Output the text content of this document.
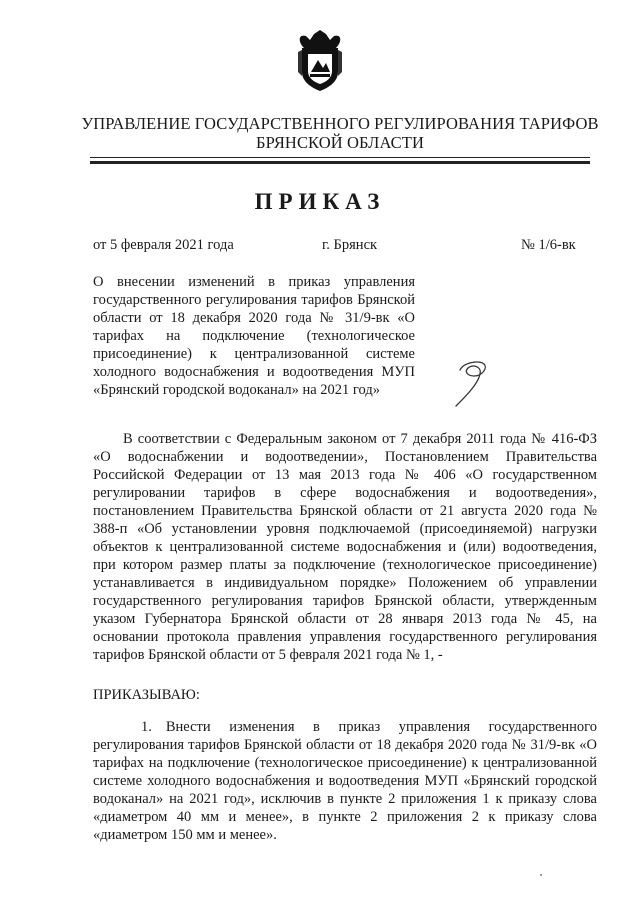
УПРАВЛЕНИЕ ГОСУДАРСТВЕННОГО РЕГУЛИРОВАНИЯ ТАРИФОВ
БРЯНСКОЙ ОБЛАСТИ
ПРИКАЗ
от 5 февраля 2021 года	г. Брянск	№ 1/6-вк
О внесении изменений в приказ управления государственного регулирования тарифов Брянской области от 18 декабря 2020 года № 31/9-вк «О тарифах на подключение (технологическое присоединение) к централизованной системе холодного водоснабжения и водоотведения МУП «Брянский городской водоканал» на 2021 год»
В соответствии с Федеральным законом от 7 декабря 2011 года № 416-ФЗ «О водоснабжении и водоотведении», Постановлением Правительства Российской Федерации от 13 мая 2013 года № 406 «О государственном регулировании тарифов в сфере водоснабжения и водоотведения», постановлением Правительства Брянской области от 21 августа 2020 года № 388-п «Об установлении уровня подключаемой (присоединяемой) нагрузки объектов к централизованной системе водоснабжения и (или) водоотведения, при котором размер платы за подключение (технологическое присоединение) устанавливается в индивидуальном порядке» Положением об управлении государственного регулирования тарифов Брянской области, утвержденным указом Губернатора Брянской области от 28 января 2013 года № 45, на основании протокола правления управления государственного регулирования тарифов Брянской области от 5 февраля 2021 года № 1, -
ПРИКАЗЫВАЮ:
1. Внести изменения в приказ управления государственного регулирования тарифов Брянской области от 18 декабря 2020 года № 31/9-вк «О тарифах на подключение (технологическое присоединение) к централизованной системе холодного водоснабжения и водоотведения МУП «Брянский городской водоканал» на 2021 год», исключив в пункте 2 приложения 1 к приказу слова «диаметром 40 мм и менее», в пункте 2 приложения 2 к приказу слова «диаметром 150 мм и менее».
